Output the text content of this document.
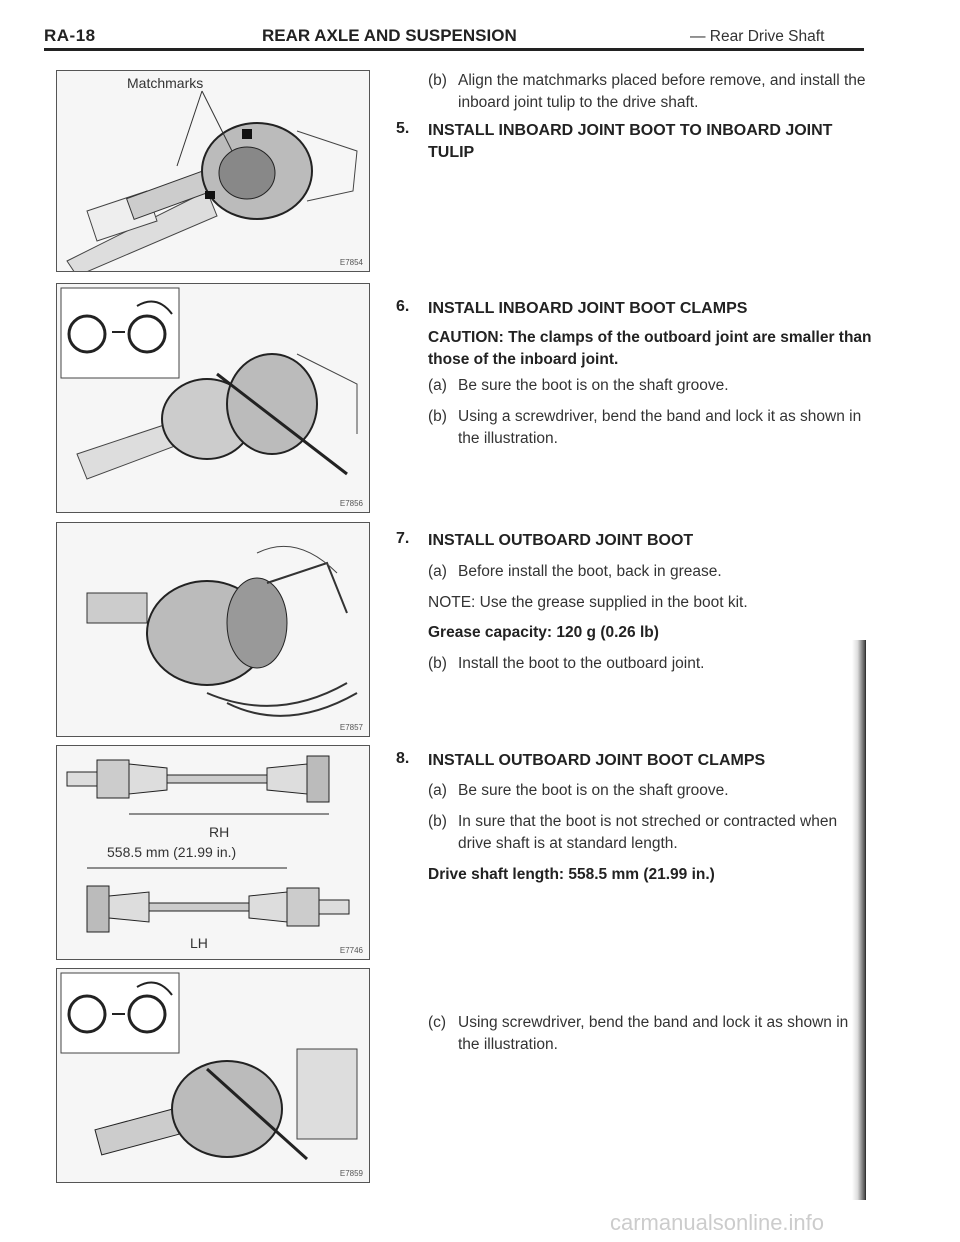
RA-18	REAR AXLE AND SUSPENSION	— Rear Drive Shaft
Matchmarks
E7854
E7856
E7857
RH
558.5 mm (21.99 in.)
LH	E7746
E7859
(b) Align the matchmarks placed before remove, and install the inboard joint tulip to the drive shaft.
5. INSTALL INBOARD JOINT BOOT TO INBOARD JOINT TULIP
6. INSTALL INBOARD JOINT BOOT CLAMPS
CAUTION: The clamps of the outboard joint are smaller than those of the inboard joint.
(a) Be sure the boot is on the shaft groove.
(b) Using a screwdriver, bend the band and lock it as shown in the illustration.
7. INSTALL OUTBOARD JOINT BOOT
(a) Before install the boot, back in grease.
NOTE: Use the grease supplied in the boot kit.
Grease capacity: 120 g (0.26 lb)
(b) Install the boot to the outboard joint.
8. INSTALL OUTBOARD JOINT BOOT CLAMPS
(a) Be sure the boot is on the shaft groove.
(b) In sure that the boot is not streched or contracted when drive shaft is at standard length.
Drive shaft length: 558.5 mm (21.99 in.)
(c) Using screwdriver, bend the band and lock it as shown in the illustration.
carmanualsonline.info
